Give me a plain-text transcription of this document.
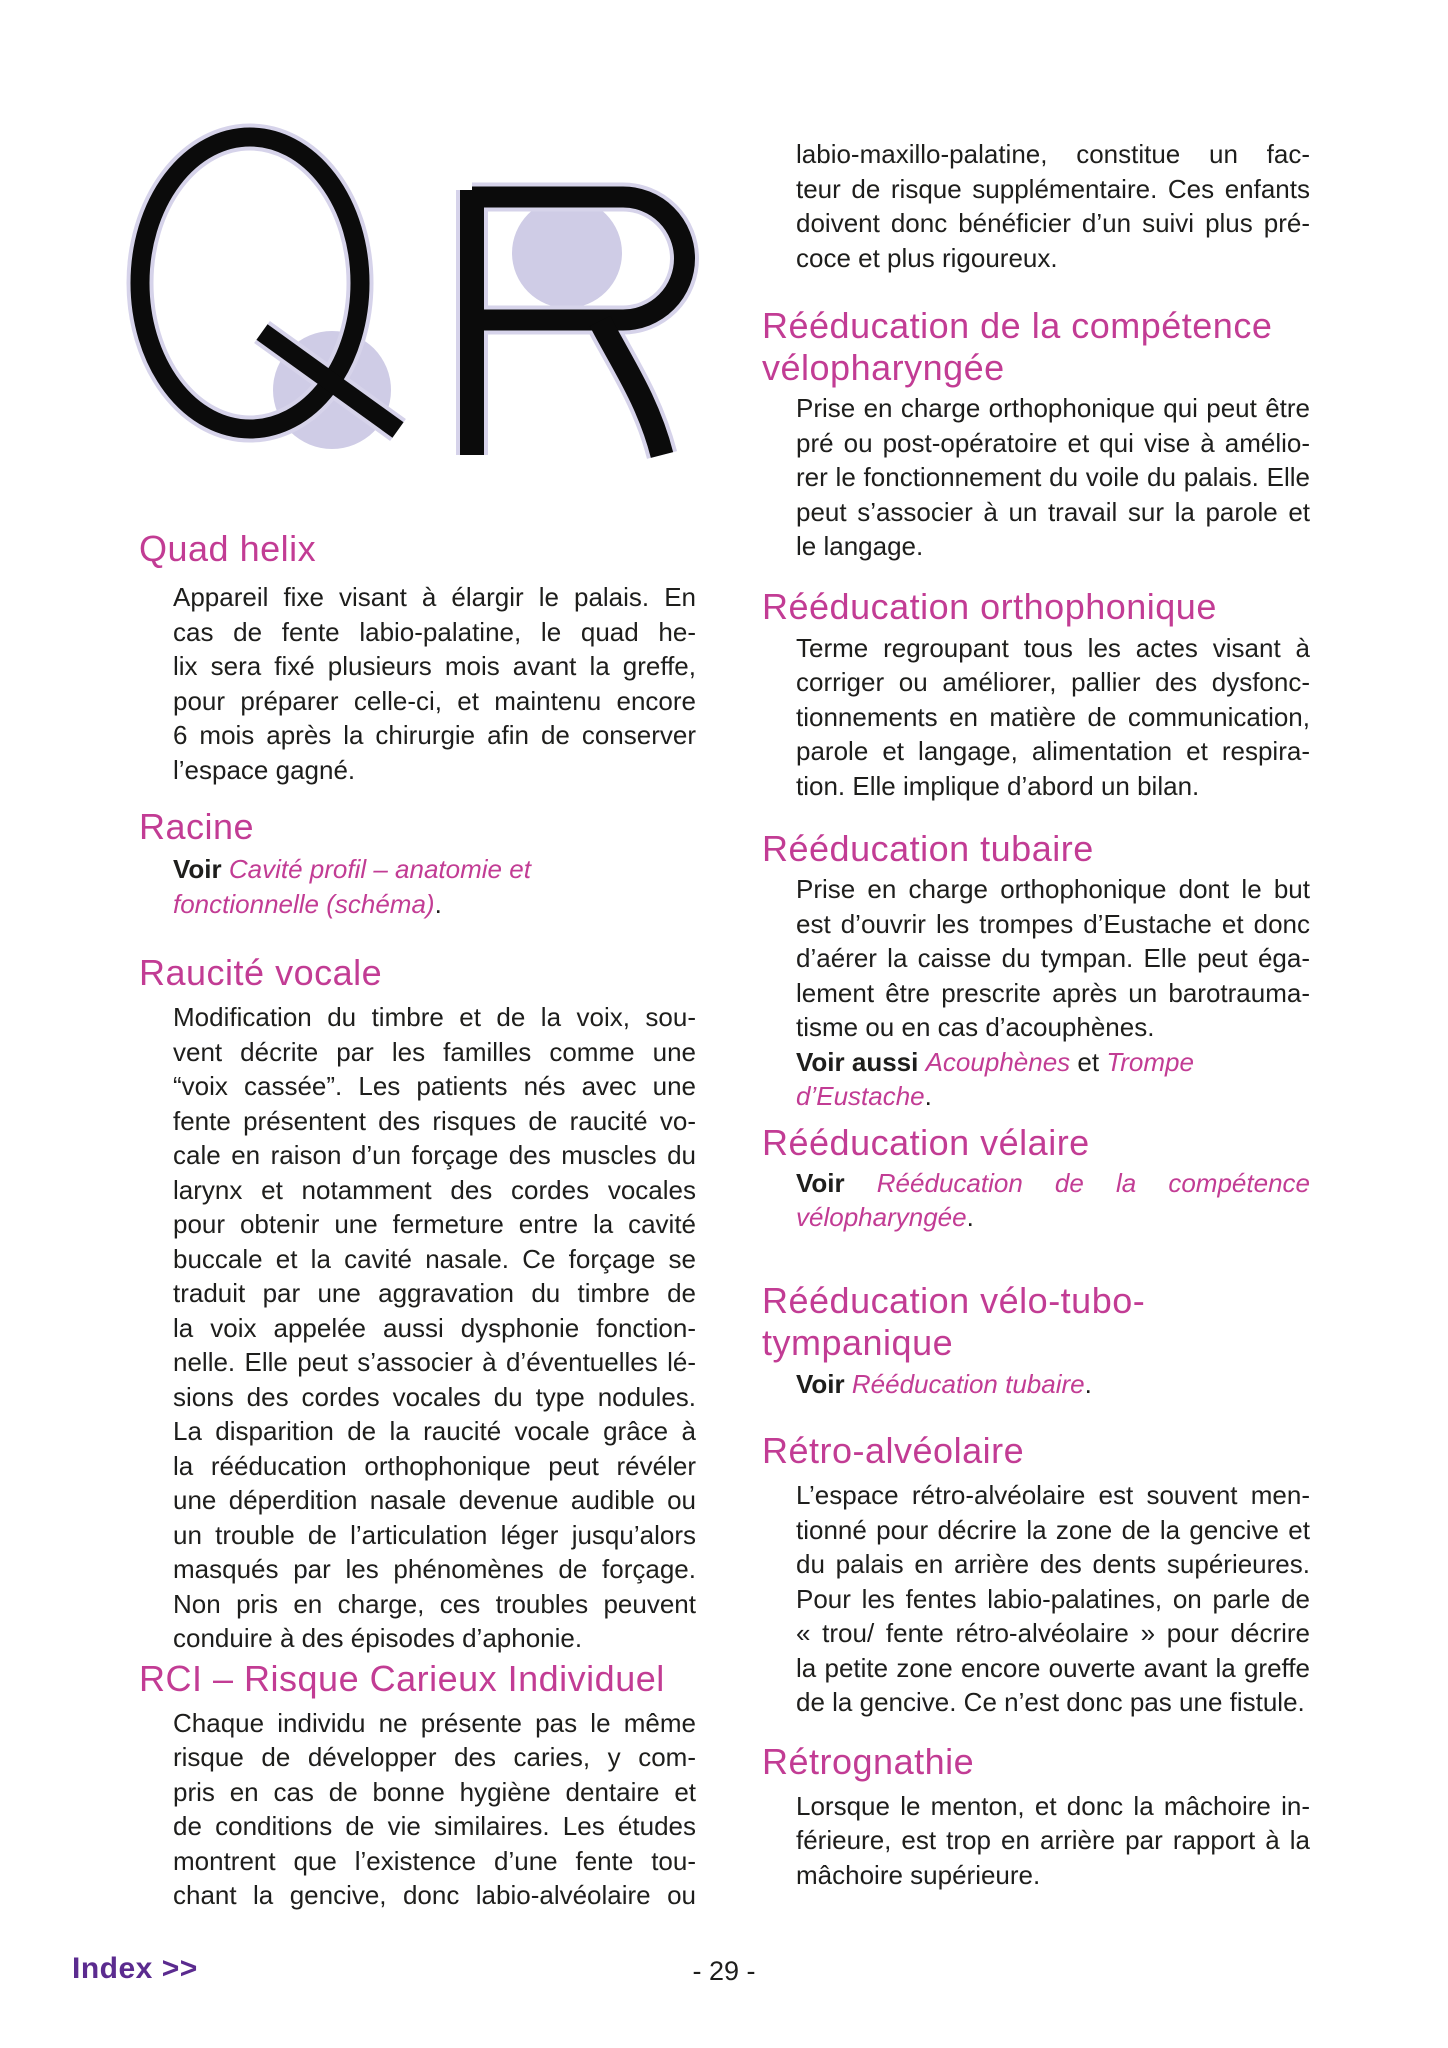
Quad helix
Appareil fixe visant à élargir le palais. En
cas de fente labio-palatine, le quad he-
lix sera fixé plusieurs mois avant la greffe,
pour préparer celle-ci, et maintenu encore
6 mois après la chirurgie afin de conserver
l’espace gagné.
Racine
Voir Cavité profil – anatomie et
fonctionnelle (schéma).
Raucité vocale
Modification du timbre et de la voix, sou-
vent décrite par les familles comme une
“voix cassée”. Les patients nés avec une
fente présentent des risques de raucité vo-
cale en raison d’un forçage des muscles du
larynx et notamment des cordes vocales
pour obtenir une fermeture entre la cavité
buccale et la cavité nasale. Ce forçage se
traduit par une aggravation du timbre de
la voix appelée aussi dysphonie fonction-
nelle. Elle peut s’associer à d’éventuelles lé-
sions des cordes vocales du type nodules.
La disparition de la raucité vocale grâce à
la rééducation orthophonique peut révéler
une déperdition nasale devenue audible ou
un trouble de l’articulation léger jusqu’alors
masqués par les phénomènes de forçage.
Non pris en charge, ces troubles peuvent
conduire à des épisodes d’aphonie.
RCI – Risque Carieux Individuel
Chaque individu ne présente pas le même
risque de développer des caries, y com-
pris en cas de bonne hygiène dentaire et
de conditions de vie similaires. Les études
montrent que l’existence d’une fente tou-
chant la gencive, donc labio-alvéolaire ou
labio-maxillo-palatine, constitue un fac-
teur de risque supplémentaire. Ces enfants
doivent donc bénéficier d’un suivi plus pré-
coce et plus rigoureux.
Rééducation de la compétence
vélopharyngée
Prise en charge orthophonique qui peut être
pré ou post-opératoire et qui vise à amélio-
rer le fonctionnement du voile du palais. Elle
peut s’associer à un travail sur la parole et
le langage.
Rééducation orthophonique
Terme regroupant tous les actes visant à
corriger ou améliorer, pallier des dysfonc-
tionnements en matière de communication,
parole et langage, alimentation et respira-
tion. Elle implique d’abord un bilan.
Rééducation tubaire
Prise en charge orthophonique dont le but
est d’ouvrir les trompes d’Eustache et donc
d’aérer la caisse du tympan. Elle peut éga-
lement être prescrite après un barotrauma-
tisme ou en cas d’acouphènes.
Voir aussi Acouphènes et Trompe
d’Eustache.
Rééducation vélaire
Voir Rééducation de la compétence
vélopharyngée.
Rééducation vélo-tubo-
tympanique
Voir Rééducation tubaire.
Rétro-alvéolaire
L’espace rétro-alvéolaire est souvent men-
tionné pour décrire la zone de la gencive et
du palais en arrière des dents supérieures.
Pour les fentes labio-palatines, on parle de
« trou/ fente rétro-alvéolaire » pour décrire
la petite zone encore ouverte avant la greffe
de la gencive. Ce n’est donc pas une fistule.
Rétrognathie
Lorsque le menton, et donc la mâchoire in-
férieure, est trop en arrière par rapport à la
mâchoire supérieure.
Index >>	- 29 -
